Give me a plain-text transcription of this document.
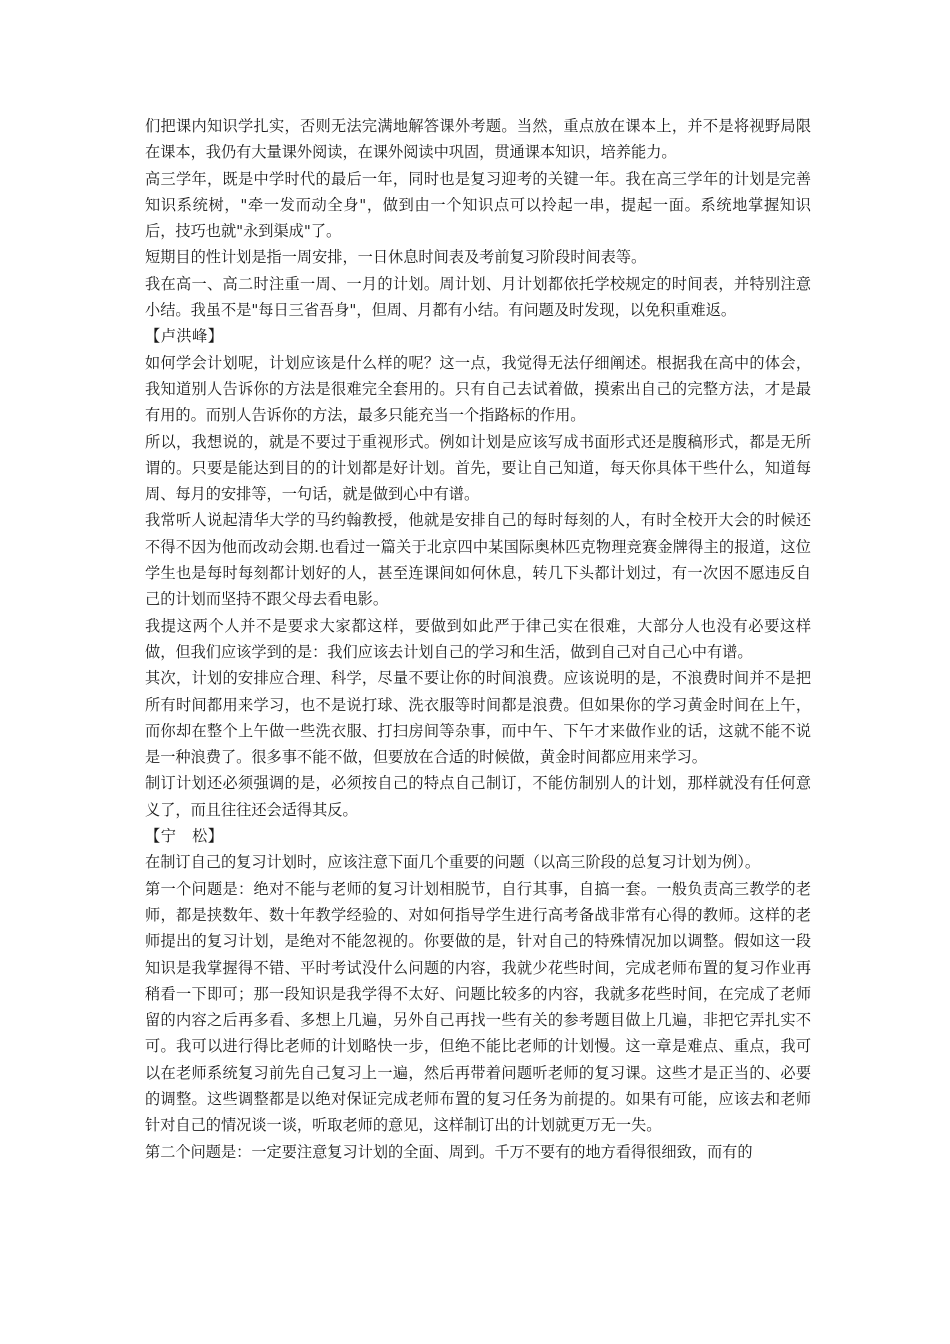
们把课内知识学扎实，否则无法完满地解答课外考题。当然，重点放在课本上，并不是将视野局限在课本，我仍有大量课外阅读，在课外阅读中巩固，贯通课本知识，培养能力。

高三学年，既是中学时代的最后一年，同时也是复习迎考的关键一年。我在高三学年的计划是完善知识系统树，"牵一发而动全身"，做到由一个知识点可以拎起一串，提起一面。系统地掌握知识后，技巧也就"永到渠成"了。

短期目的性计划是指一周安排，一日休息时间表及考前复习阶段时间表等。

我在高一、高二时注重一周、一月的计划。周计划、月计划都依托学校规定的时间表，并特别注意小结。我虽不是"每日三省吾身"，但周、月都有小结。有问题及时发现，以免积重难返。

【卢洪峰】

如何学会计划呢，计划应该是什么样的呢？这一点，我觉得无法仔细阐述。根据我在高中的体会，我知道别人告诉你的方法是很难完全套用的。只有自己去试着做，摸索出自己的完整方法，才是最有用的。而别人告诉你的方法，最多只能充当一个指路标的作用。

所以，我想说的，就是不要过于重视形式。例如计划是应该写成书面形式还是腹稿形式，都是无所谓的。只要是能达到目的的计划都是好计划。首先，要让自己知道，每天你具体干些什么，知道每周、每月的安排等，一句话，就是做到心中有谱。

我常听人说起清华大学的马约翰教授，他就是安排自己的每时每刻的人，有时全校开大会的时候还不得不因为他而改动会期.也看过一篇关于北京四中某国际奥林匹克物理竞赛金牌得主的报道，这位学生也是每时每刻都计划好的人，甚至连课间如何休息，转几下头都计划过，有一次因不愿违反自己的计划而坚持不跟父母去看电影。

我提这两个人并不是要求大家都这样，要做到如此严于律己实在很难，大部分人也没有必要这样做，但我们应该学到的是：我们应该去计划自己的学习和生活，做到自己对自己心中有谱。

其次，计划的安排应合理、科学，尽量不要让你的时间浪费。应该说明的是，不浪费时间并不是把所有时间都用来学习，也不是说打球、洗衣服等时间都是浪费。但如果你的学习黄金时间在上午，而你却在整个上午做一些洗衣服、打扫房间等杂事，而中午、下午才来做作业的话，这就不能不说是一种浪费了。很多事不能不做，但要放在合适的时候做，黄金时间都应用来学习。

制订计划还必须强调的是，必须按自己的特点自己制订，不能仿制别人的计划，那样就没有任何意义了，而且往往还会适得其反。

【宁　松】

在制订自己的复习计划时，应该注意下面几个重要的问题（以高三阶段的总复习计划为例）。

第一个问题是：绝对不能与老师的复习计划相脱节，自行其事，自搞一套。一般负责高三教学的老师，都是挟数年、数十年教学经验的、对如何指导学生进行高考备战非常有心得的教师。这样的老师提出的复习计划，是绝对不能忽视的。你要做的是，针对自己的特殊情况加以调整。假如这一段知识是我掌握得不错、平时考试没什么问题的内容，我就少花些时间，完成老师布置的复习作业再稍看一下即可；那一段知识是我学得不太好、问题比较多的内容，我就多花些时间，在完成了老师留的内容之后再多看、多想上几遍，另外自己再找一些有关的参考题目做上几遍，非把它弄扎实不可。我可以进行得比老师的计划略快一步，但绝不能比老师的计划慢。这一章是难点、重点，我可以在老师系统复习前先自己复习上一遍，然后再带着问题听老师的复习课。这些才是正当的、必要的调整。这些调整都是以绝对保证完成老师布置的复习任务为前提的。如果有可能，应该去和老师针对自己的情况谈一谈，听取老师的意见，这样制订出的计划就更万无一失。

第二个问题是：一定要注意复习计划的全面、周到。千万不要有的地方看得很细致，而有的
